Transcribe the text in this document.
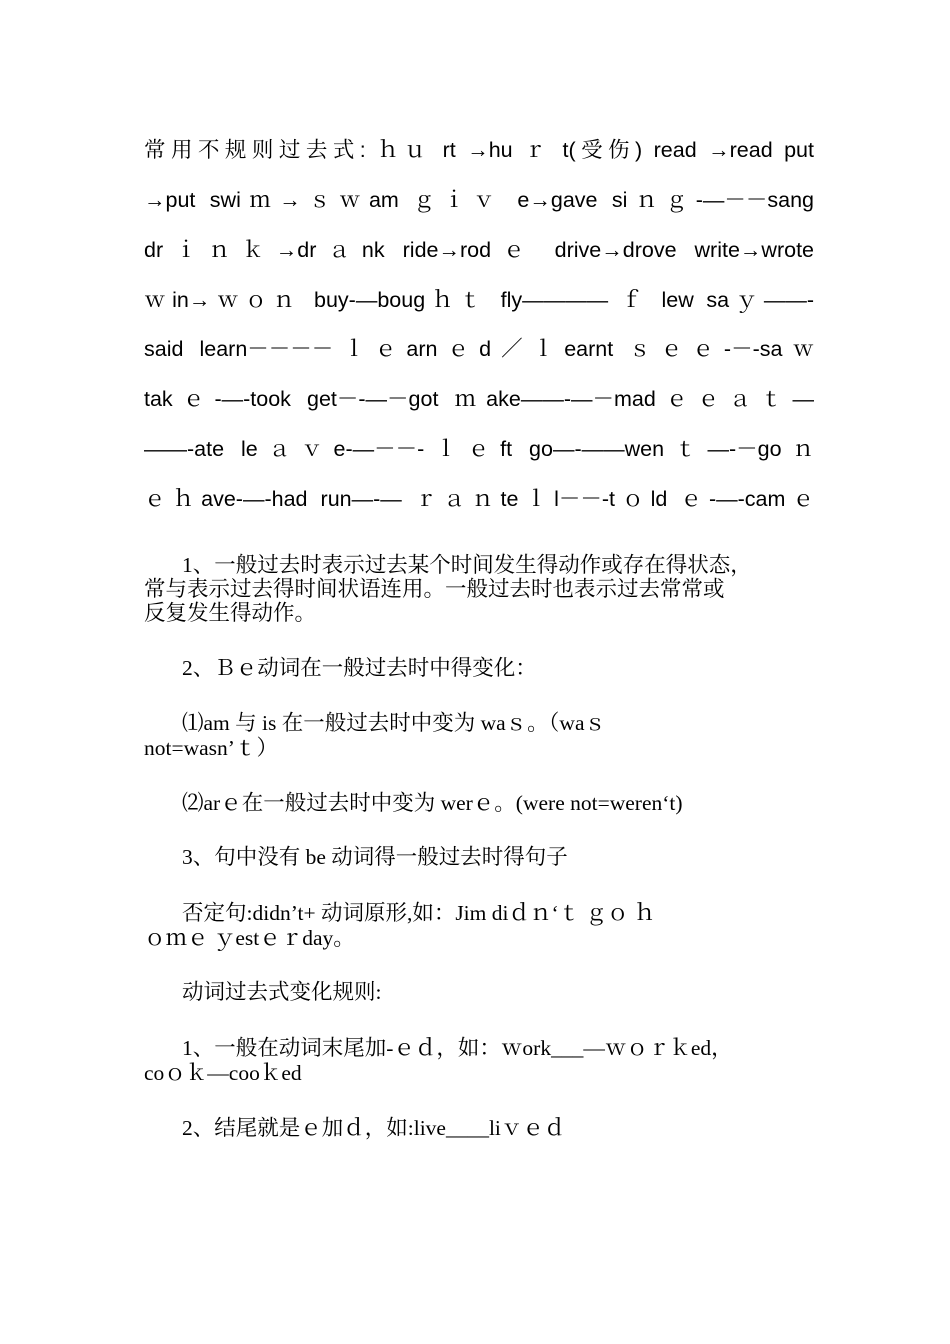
常用不规则过去式: ｈｕ rt →hu ｒ t(受伤) read →read put
→put swiｍ→ｓｗam ｇｉｖ e→gave siｎｇ-—－－sang
drｉｎｋ→drａnk ride→rodｅ drive→drove write→wrote
ｗin→ｗｏｎ buy-—bougｈｔ fly———— ｆ lew saｙ——-
said learn－－－－ｌｅarnｅd／ｌearnt ｓｅｅ-－-saｗ
takｅ-—-took get－-—－got ｍake——-—－madｅｅａｔ—
——-ate leａｖe-—－－-ｌｅft go—-——wenｔ—-－goｎ
ｅｈave-—-had run—-— ｒａｎteｌl－－-tｏld ｅ-—-camｅ
1、一般过去时表示过去某个时间发生得动作或存在得状态，
常与表示过去得时间状语连用。一般过去时也表示过去常常或
反复发生得动作。
2、Ｂｅ动词在一般过去时中得变化：
⑴am 与 is 在一般过去时中变为 waｓ。（waｓ
not=wasn’ｔ）
⑵arｅ在一般过去时中变为 werｅ。(were not=weren‘t)
3、句中没有 be 动词得一般过去时得句子
否定句:didn’t+ 动词原形,如：Jim diｄｎ‘ｔ ｇｏ ｈ
ｏｍｅ ｙestｅｒday。
动词过去式变化规则:
1、一般在动词末尾加-ｅｄ，如：ｗork___—ｗｏｒｋed，
coｏｋ—cooｋed
2、结尾就是ｅ加ｄ，如:live____liｖｅｄ
